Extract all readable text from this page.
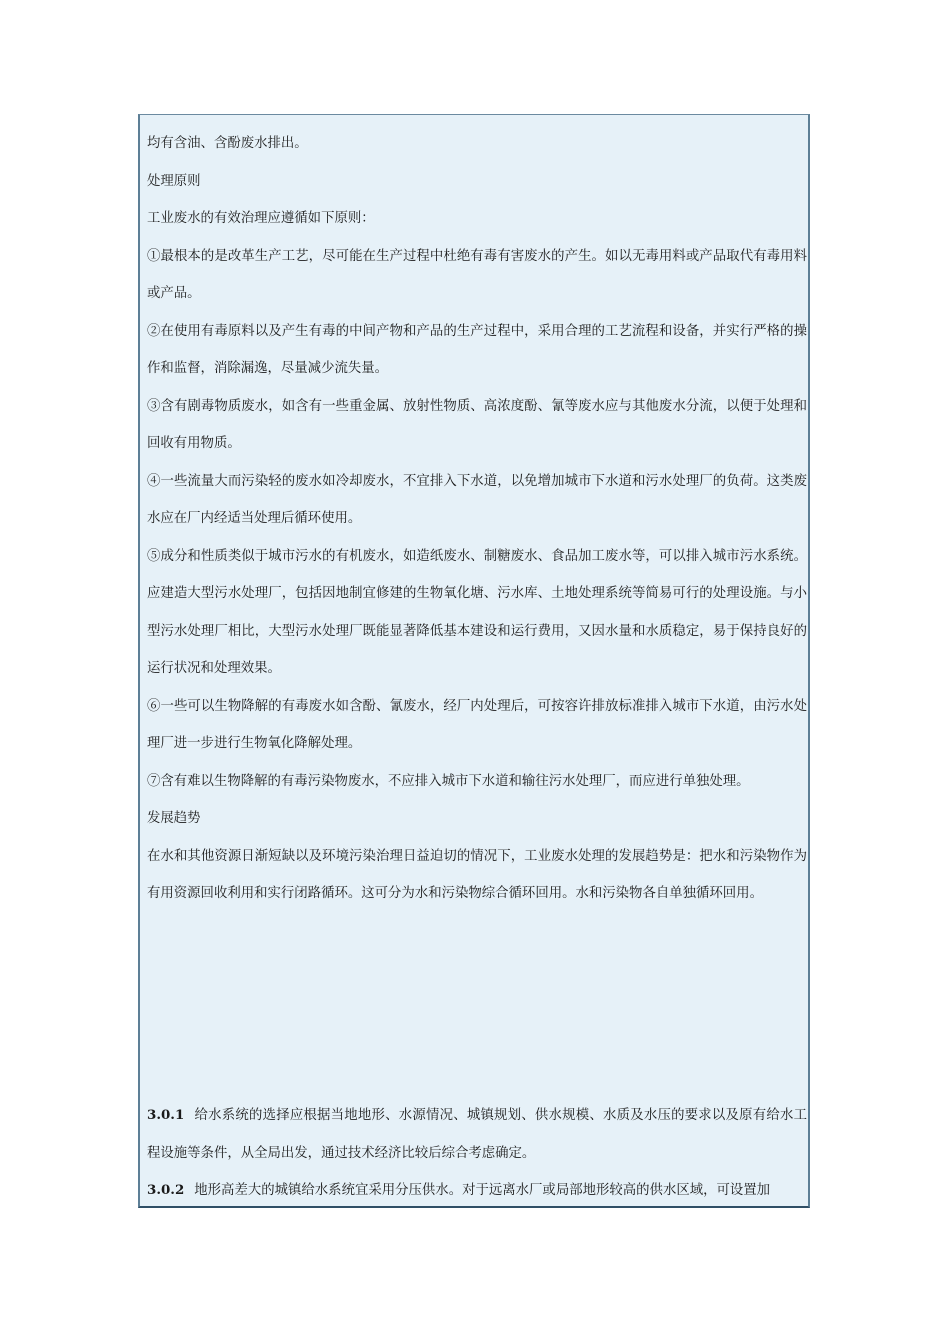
均有含油、含酚废水排出。

处理原则

工业废水的有效治理应遵循如下原则：

①最根本的是改革生产工艺，尽可能在生产过程中杜绝有毒有害废水的产生。如以无毒用料或产品取代有毒用料或产品。

②在使用有毒原料以及产生有毒的中间产物和产品的生产过程中，采用合理的工艺流程和设备，并实行严格的操作和监督，消除漏逸，尽量减少流失量。

③含有剧毒物质废水，如含有一些重金属、放射性物质、高浓度酚、氰等废水应与其他废水分流，以便于处理和回收有用物质。

④一些流量大而污染轻的废水如冷却废水，不宜排入下水道，以免增加城市下水道和污水处理厂的负荷。这类废水应在厂内经适当处理后循环使用。

⑤成分和性质类似于城市污水的有机废水，如造纸废水、制糖废水、食品加工废水等，可以排入城市污水系统。应建造大型污水处理厂，包括因地制宜修建的生物氧化塘、污水库、土地处理系统等简易可行的处理设施。与小型污水处理厂相比，大型污水处理厂既能显著降低基本建设和运行费用，又因水量和水质稳定，易于保持良好的运行状况和处理效果。

⑥一些可以生物降解的有毒废水如含酚、氰废水，经厂内处理后，可按容许排放标准排入城市下水道，由污水处理厂进一步进行生物氧化降解处理。

⑦含有难以生物降解的有毒污染物废水，不应排入城市下水道和输往污水处理厂，而应进行单独处理。

发展趋势

在水和其他资源日渐短缺以及环境污染治理日益迫切的情况下，工业废水处理的发展趋势是：把水和污染物作为有用资源回收利用和实行闭路循环。这可分为水和污染物综合循环回用。水和污染物各自单独循环回用。

3.0.1 给水系统的选择应根据当地地形、水源情况、城镇规划、供水规模、水质及水压的要求以及原有给水工程设施等条件，从全局出发，通过技术经济比较后综合考虑确定。

3.0.2 地形高差大的城镇给水系统宜采用分压供水。对于远离水厂或局部地形较高的供水区域，可设置加
